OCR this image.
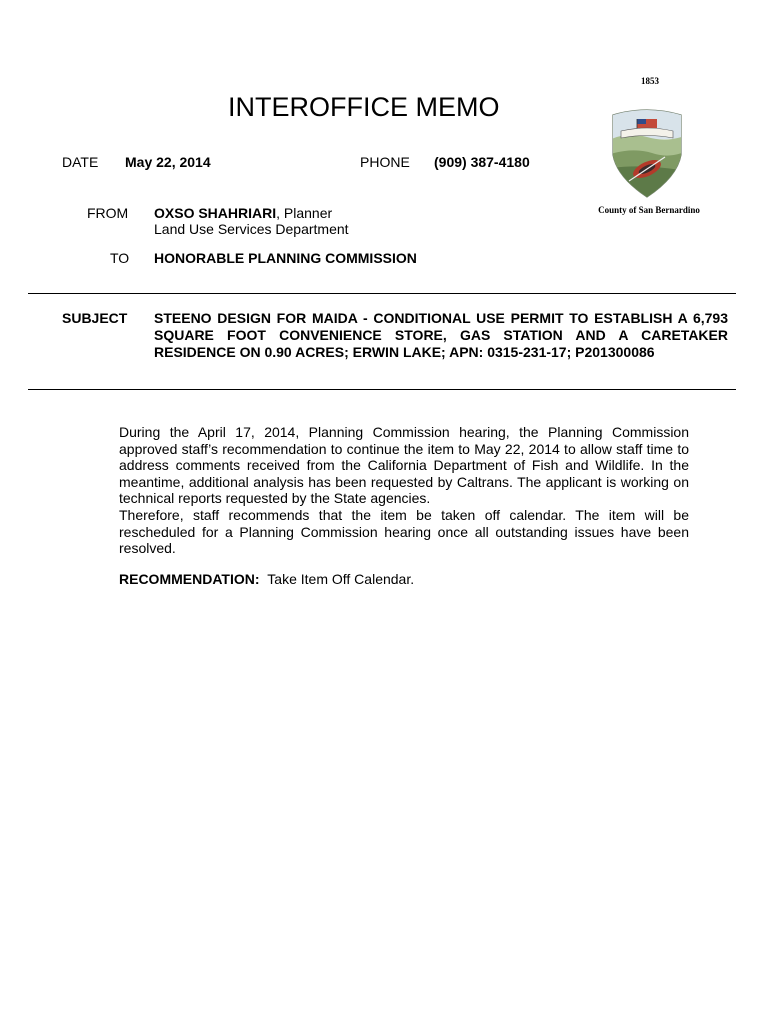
1853
County of San Bernardino
INTEROFFICE MEMO
DATE May 22, 2014	PHONE (909) 387-4180
FROM OXSO SHAHRIARI, Planner
Land Use Services Department
TO HONORABLE PLANNING COMMISSION
SUBJECT STEENO DESIGN FOR MAIDA - CONDITIONAL USE PERMIT TO ESTABLISH A 6,793 SQUARE FOOT CONVENIENCE STORE, GAS STATION AND A CARETAKER RESIDENCE ON 0.90 ACRES; ERWIN LAKE; APN: 0315-231-17; P201300086

During the April 17, 2014, Planning Commission hearing, the Planning Commission approved staff’s recommendation to continue the item to May 22, 2014 to allow staff time to address comments received from the California Department of Fish and Wildlife. In the meantime, additional analysis has been requested by Caltrans. The applicant is working on technical reports requested by the State agencies.

Therefore, staff recommends that the item be taken off calendar. The item will be rescheduled for a Planning Commission hearing once all outstanding issues have been resolved.

RECOMMENDATION: Take Item Off Calendar.
